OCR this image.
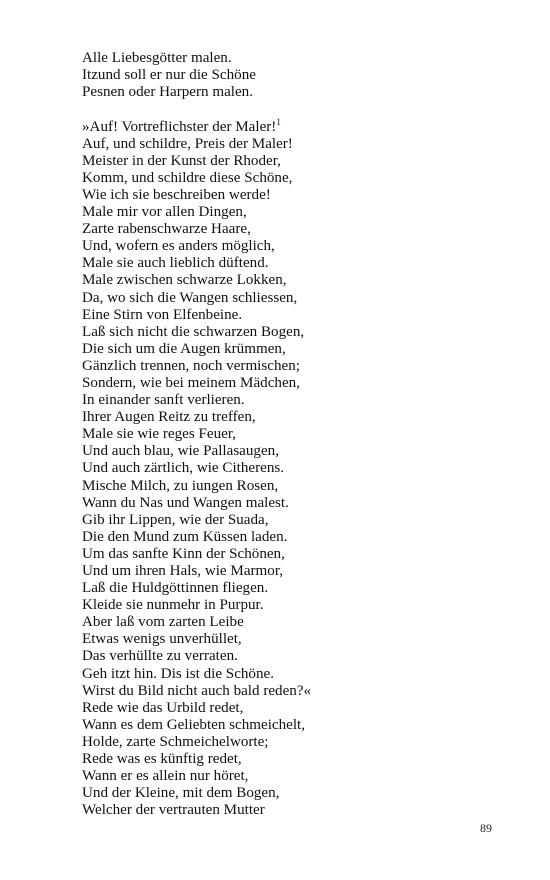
Alle Liebesgötter malen.
Itzund soll er nur die Schöne
Pesnen oder Harpern malen.
»Auf! Vortreflichster der Maler!$^1$
Auf, und schildre, Preis der Maler!
Meister in der Kunst der Rhoder,
Komm, und schildre diese Schöne,
Wie ich sie beschreiben werde!
Male mir vor allen Dingen,
Zarte rabenschwarze Haare,
Und, wofern es anders möglich,
Male sie auch lieblich düftend.
Male zwischen schwarze Lokken,
Da, wo sich die Wangen schliessen,
Eine Stirn von Elfenbeine.
Laß sich nicht die schwarzen Bogen,
Die sich um die Augen krümmen,
Gänzlich trennen, noch vermischen;
Sondern, wie bei meinem Mädchen,
In einander sanft verlieren.
Ihrer Augen Reitz zu treffen,
Male sie wie reges Feuer,
Und auch blau, wie Pallasaugen,
Und auch zärtlich, wie Citherens.
Mische Milch, zu iungen Rosen,
Wann du Nas und Wangen malest.
Gib ihr Lippen, wie der Suada,
Die den Mund zum Küssen laden.
Um das sanfte Kinn der Schönen,
Und um ihren Hals, wie Marmor,
Laß die Huldgöttinnen fliegen.
Kleide sie nunmehr in Purpur.
Aber laß vom zarten Leibe
Etwas wenigs unverhüllet,
Das verhüllte zu verraten.
Geh itzt hin. Dis ist die Schöne.
Wirst du Bild nicht auch bald reden?«
Rede wie das Urbild redet,
Wann es dem Geliebten schmeichelt,
Holde, zarte Schmeichelworte;
Rede was es künftig redet,
Wann er es allein nur höret,
Und der Kleine, mit dem Bogen,
Welcher der vertrauten Mutter
89
